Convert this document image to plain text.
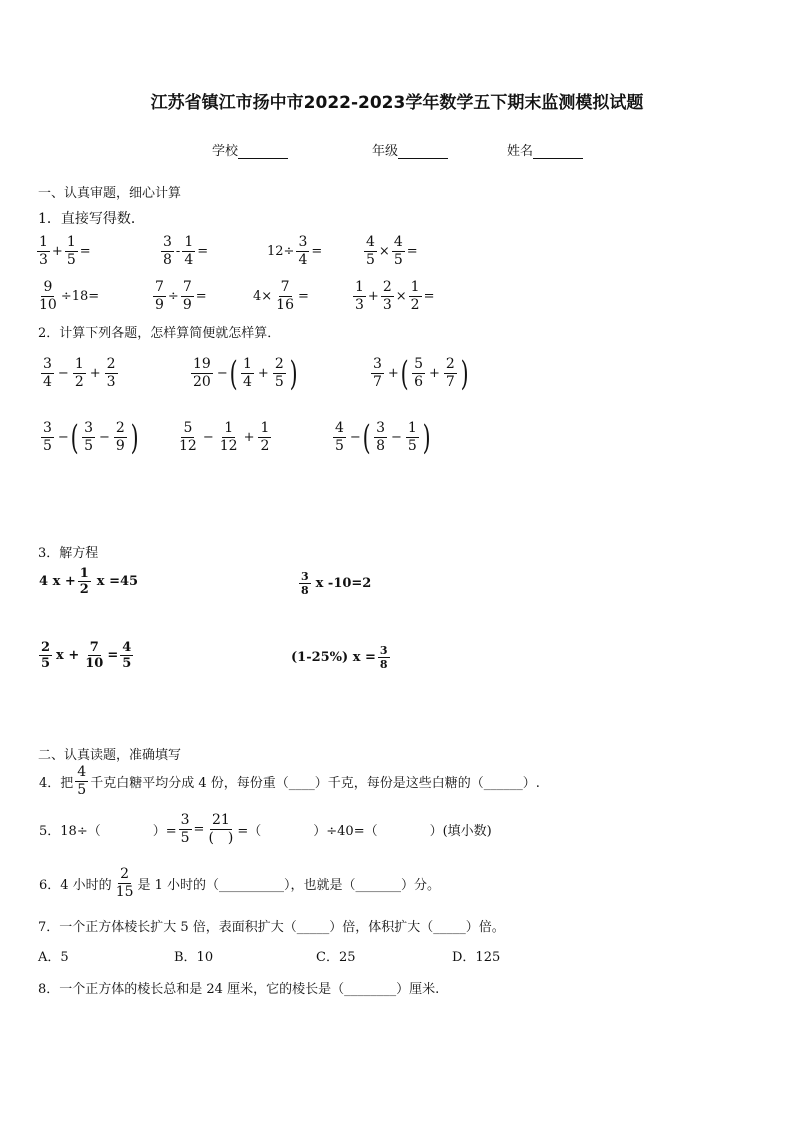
江苏省镇江市扬中市2022-2023学年数学五下期末监测模拟试题
学校	年级	姓名
一、认真审题，细心计算
1．直接写得数．
$\frac{1}{3} + \frac{1}{5}$ =	$\frac{3}{8} - \frac{1}{4}$ =	$12\div \frac{3}{4}$ =	$\frac{4}{5} \times \frac{4}{5}$ =
$\frac{9}{10} \div 18=$	$\frac{7}{9} \div \frac{7}{9}$ =	$4\times \frac{7}{16}$ =	$\frac{1}{3} + \frac{2}{3} \times \frac{1}{2}$ =
2．计算下列各题，怎样算简便就怎样算．
$\frac{3}{4} - \frac{1}{2} + \frac{2}{3}$	$\frac{19}{20}$ − ( $\frac{1}{4} + \frac{2}{5}$ )	$\frac{3}{7}$ + ( $\frac{5}{6} + \frac{2}{7}$ )
$\frac{3}{5}$ − ( $\frac{3}{5} - \frac{2}{9}$ )	$\frac{5}{12} - \frac{1}{12} + \frac{1}{2}$	$\frac{4}{5}$ − ( $\frac{3}{8} - \frac{1}{5}$ )
3．解方程
4 $x + \frac{1}{2}$ x =45	$\frac{3}{8}$ x -10=2
$\frac{2}{5}$ $x + \frac{7}{10} = \frac{4}{5}$	(1-25%) $x = \frac{3}{8}$
二、认真读题，准确填写
4．把 $\frac{4}{5}$ 千克白糖平均分成 4 份，每份重（____）千克，每份是这些白糖的（______）.
5．18÷（　　　　）= $\frac{3}{5} = \frac{21}{( )}$ =（　　　　）÷40=（　　　　）(填小数)
6．4 小时的 $\frac{2}{15}$ 是 1 小时的（__________），也就是（_______）分。
7．一个正方体棱长扩大 5 倍，表面积扩大（_____）倍，体积扩大（_____）倍。
A．5	B．10	C．25	D．125
8．一个正方体的棱长总和是 24 厘米，它的棱长是（________）厘米.
